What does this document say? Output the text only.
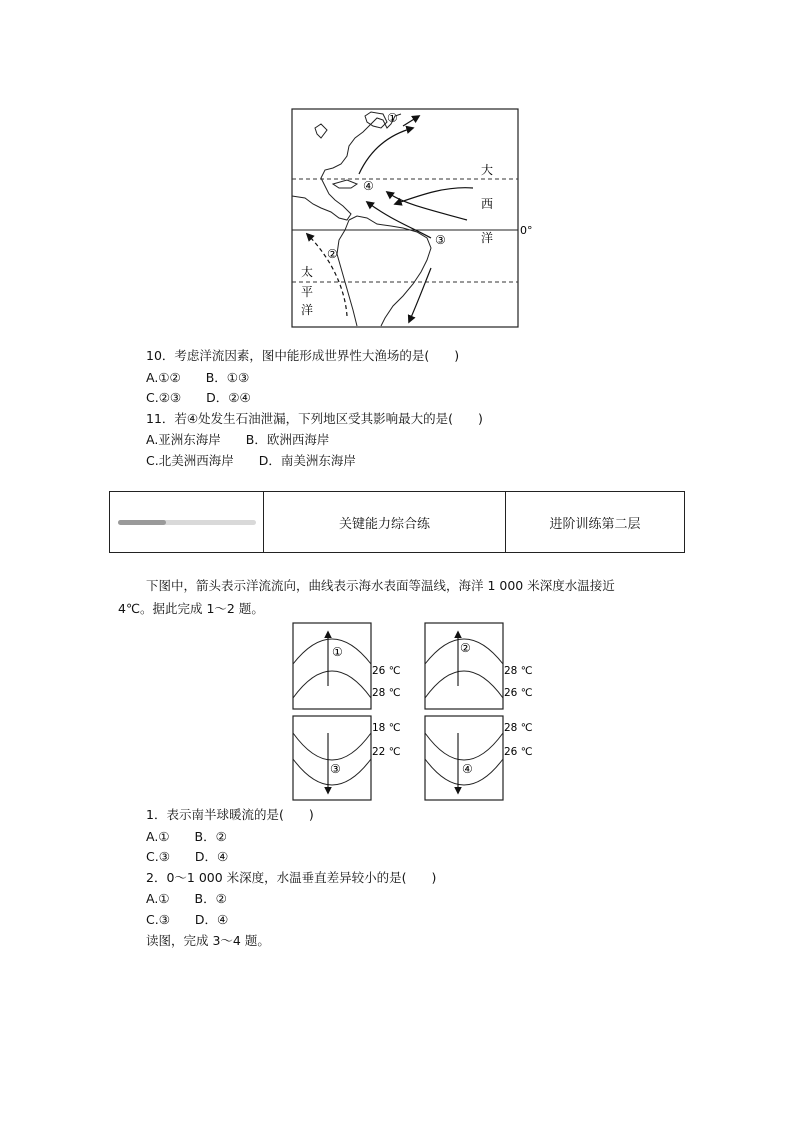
大
西
洋
太
平
洋
①
④
③
②
0°
10．考虑洋流因素，图中能形成世界性大渔场的是(　　)
A.①②　　B．①③
C.②③　　D．②④
11．若④处发生石油泄漏，下列地区受其影响最大的是(　　)
A.亚洲东海岸　　B．欧洲西海岸
C.北美洲西海岸　　D．南美洲东海岸
关键能力综合练	进阶训练第二层
下图中，箭头表示洋流流向，曲线表示海水表面等温线，海洋 1 000 米深度水温接近
4℃。据此完成 1～2 题。
①
26 ℃
28 ℃
②
28 ℃
26 ℃
③
18 ℃
22 ℃
④
28 ℃
26 ℃
1．表示南半球暖流的是(　　)
A.①　　B．②
C.③　　D．④
2．0～1 000 米深度，水温垂直差异较小的是(　　)
A.①　　B．②
C.③　　D．④
读图，完成 3～4 题。
